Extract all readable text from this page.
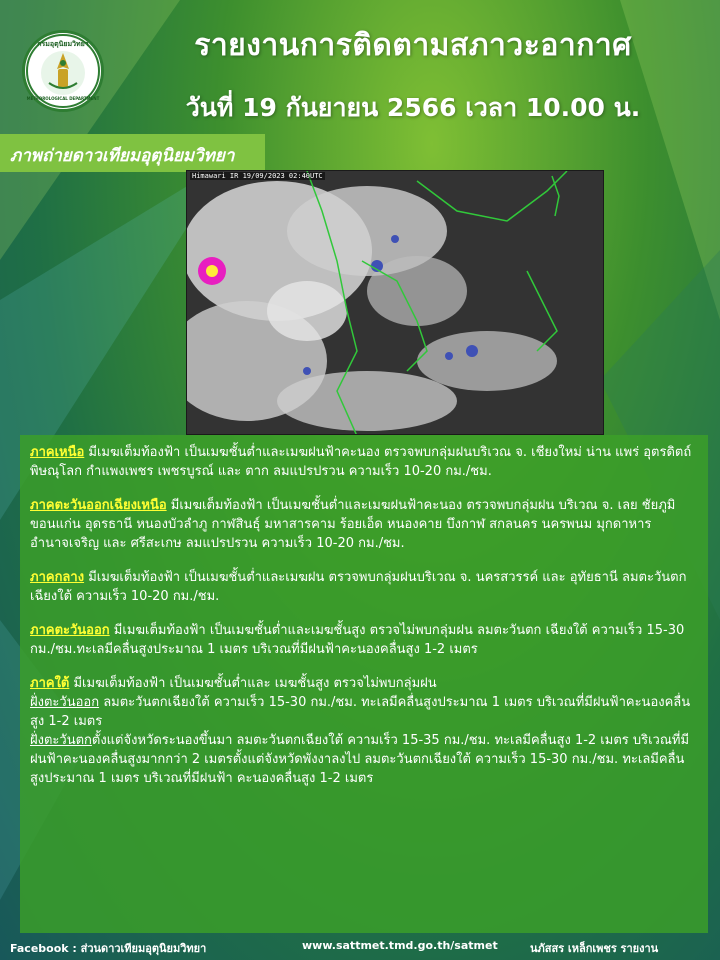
กรมอุตุนิยมวิทยา
METEOROLOGICAL DEPARTMENT
รายงานการติดตามสภาวะอากาศ
วันที่ 19 กันยายน 2566 เวลา 10.00 น.
ภาพถ่ายดาวเทียมอุตุนิยมวิทยา
Himawari IR 19/09/2023 02:40UTC

ภาคเหนือ มีเมฆเต็มท้องฟ้า เป็นเมฆชั้นต่ำและเมฆฝนฟ้าคะนอง ตรวจพบกลุ่มฝนบริเวณ จ. เชียงใหม่ น่าน แพร่ อุตรดิตถ์ พิษณุโลก กำแพงเพชร เพชรบูรณ์ และ ตาก ลมแปรปรวน ความเร็ว 10-20 กม./ชม.

ภาคตะวันออกเฉียงเหนือ มีเมฆเต็มท้องฟ้า เป็นเมฆชั้นต่ำและเมฆฝนฟ้าคะนอง ตรวจพบกลุ่มฝน บริเวณ จ. เลย ชัยภูมิ ขอนแก่น อุดรธานี หนองบัวลำภู กาฬสินธุ์ มหาสารคาม ร้อยเอ็ด หนองคาย บึงกาฬ สกลนคร นครพนม มุกดาหาร อำนาจเจริญ และ ศรีสะเกษ ลมแปรปรวน ความเร็ว 10-20 กม./ชม.

ภาคกลาง มีเมฆเต็มท้องฟ้า เป็นเมฆชั้นต่ำและเมฆฝน ตรวจพบกลุ่มฝนบริเวณ จ. นครสวรรค์ และ อุทัยธานี ลมตะวันตกเฉียงใต้ ความเร็ว 10-20 กม./ชม.

ภาคตะวันออก มีเมฆเต็มท้องฟ้า เป็นเมฆชั้นต่ำและเมฆชั้นสูง ตรวจไม่พบกลุ่มฝน ลมตะวันตก เฉียงใต้ ความเร็ว 15-30 กม./ชม.ทะเลมีคลื่นสูงประมาณ 1 เมตร บริเวณที่มีฝนฟ้าคะนองคลื่นสูง 1-2 เมตร

ภาคใต้ มีเมฆเต็มท้องฟ้า เป็นเมฆชั้นต่ำและ เมฆชั้นสูง ตรวจไม่พบกลุ่มฝน

ฝั่งตะวันออก ลมตะวันตกเฉียงใต้ ความเร็ว 15-30 กม./ชม. ทะเลมีคลื่นสูงประมาณ 1 เมตร บริเวณที่มีฝนฟ้าคะนองคลื่นสูง 1-2 เมตร

ฝั่งตะวันตกตั้งแต่จังหวัดระนองขึ้นมา ลมตะวันตกเฉียงใต้ ความเร็ว 15-35 กม./ชม. ทะเลมีคลื่นสูง 1-2 เมตร บริเวณที่มีฝนฟ้าคะนองคลื่นสูงมากกว่า 2 เมตรตั้งแต่จังหวัดพังงาลงไป ลมตะวันตกเฉียงใต้ ความเร็ว 15-30 กม./ชม. ทะเลมีคลื่นสูงประมาณ 1 เมตร บริเวณที่มีฝนฟ้า คะนองคลื่นสูง 1-2 เมตร

Facebook : ส่วนดาวเทียมอุตุนิยมวิทยา	www.sattmet.tmd.go.th/satmet	นภัสสร เหล็กเพชร รายงาน
